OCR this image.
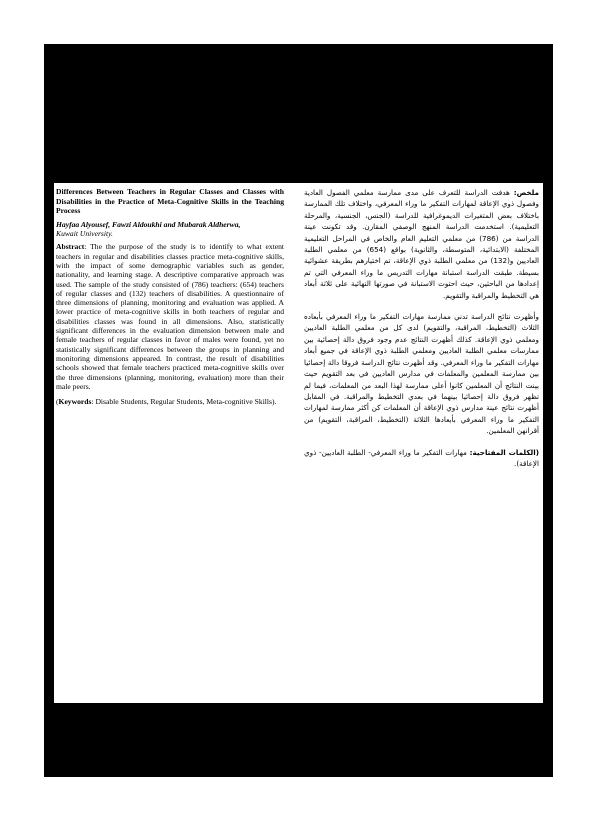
Differences Between Teachers in Regular Classes and Classes with Disabilities in the Practice of Meta-Cognitive Skills in the Teaching Process

Hayfaa Alyousef, Fawzi Aldoukhi and Mubarak Aldherwa,

Kuwait University.

Abstract: The the purpose of the study is to identify to what extent teachers in regular and disabilities classes practice meta-cognitive skills, with the impact of some demographic variables such as gender, nationality, and learning stage. A descriptive comparative approach was used. The sample of the study consisted of (786) teachers: (654) teachers of regular classes and (132) teachers of disabilities. A questionnaire of three dimensions of planning, monitoring and evaluation was applied. A lower practice of meta-cognitive skills in both teachers of regular and disabilities classes was found in all dimensions. Also, statistically significant differences in the evaluation dimension between male and female teachers of regular classes in favor of males were found, yet no statistically significant differences between the groups in planning and monitoring dimensions appeared. In contrast, the result of disabilities schools showed that female teachers practiced meta-cognitive skills over the three dimensions (planning, monitoring, evaluation) more than their male peers.

(Keywords: Disable Students, Regular Students, Meta-cognitive Skills).

ملخص: هدفت الدراسة للتعرف على مدى ممارسة معلمي الفصول العادية وفصول ذوي الإعاقة لمهارات التفكير ما وراء المعرفي، واختلاف تلك الممارسة باختلاف بعض المتغيرات الديموغرافية للدراسة (الجنس، الجنسية، والمرحلة التعليمية). استخدمت الدراسة المنهج الوصفي المقارن. وقد تكونت عينة الدراسة من (786) من معلمي التعليم العام والخاص في المراحل التعليمية المختلفة (الابتدائية، المتوسطة، والثانوية) بواقع (654) من معلمي الطلبة العاديين و(132) من معلمي الطلبة ذوي الإعاقة، تم اختيارهم بطريقة عشوائية بسيطة. طبقت الدراسة استبانة مهارات التدريس ما وراء المعرفي التي تم إعدادها من الباحثين، حيث احتوت الاستبانة في صورتها النهائية على ثلاثة أبعاد هي التخطيط والمراقبة والتقويم.

وأظهرت نتائج الدراسة تدني ممارسة مهارات التفكير ما وراء المعرفي بأبعاده الثلاث (التخطيط، المراقبة، والتقويم) لدى كل من معلمي الطلبة العاديين ومعلمي ذوي الإعاقة. كذلك أظهرت النتائج عدم وجود فروق دالة إحصائية بين ممارسات معلمي الطلبة العاديين ومعلمي الطلبة ذوي الإعاقة في جميع أبعاد مهارات التفكير ما وراء المعرفي. وقد أظهرت نتائج الدراسة فروقا دالة إحصائيا بين ممارسة المعلمين والمعلمات في مدارس العاديين في بعد التقويم حيث بينت النتائج أن المعلمين كانوا أعلى ممارسة لهذا البعد من المعلمات، فيما لم تظهر فروق دالة إحصائيا بينهما في بعدي التخطيط والمراقبة. في المقابل أظهرت نتائج عينة مدارس ذوي الإعاقة أن المعلمات كن أكثر ممارسة لمهارات التفكير ما وراء المعرفي بأبعادها الثلاثة (التخطيط، المراقبة، التقويم) من أقرانهن المعلمين.

(الكلمات المفتاحية: مهارات التفكير ما وراء المعرفي- الطلبة العاديين- ذوي الإعاقة).
